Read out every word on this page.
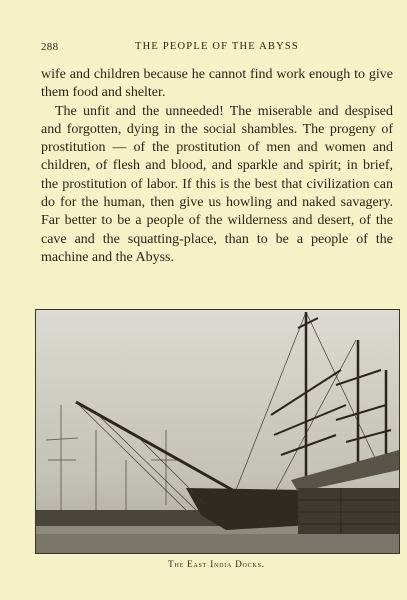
288	THE PEOPLE OF THE ABYSS

wife and children because he cannot find work enough to give them food and shelter.

The unfit and the unneeded! The miserable and despised and forgotten, dying in the social shambles. The progeny of prostitution — of the prostitution of men and women and children, of flesh and blood, and sparkle and spirit; in brief, the prostitution of labor. If this is the best that civilization can do for the human, then give us howling and naked savagery. Far better to be a people of the wilderness and desert, of the cave and the squatting-place, than to be a people of the machine and the Abyss.

The East India Docks.
